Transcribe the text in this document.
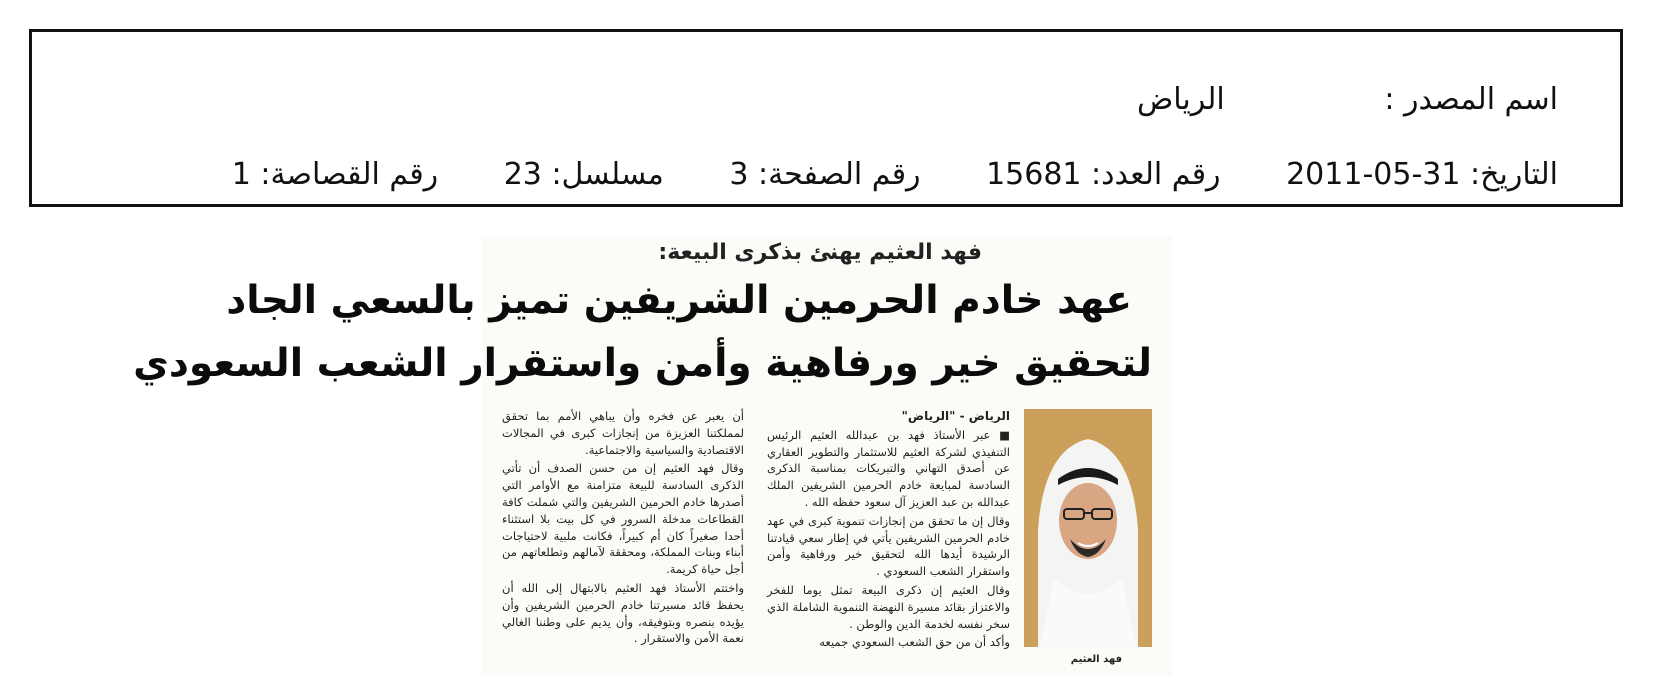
اسم المصدر : الرياض
التاريخ: 31-05-2011 رقم العدد: 15681 رقم الصفحة: 3 مسلسل: 23 رقم القصاصة: 1
فهد العثيم يهنئ بذكرى البيعة:
عهد خادم الحرمين الشريفين تميز بالسعي الجاد
لتحقيق خير ورفاهية وأمن واستقرار الشعب السعودي
فهد العثيم

الرياض - "الرياض"

■ عبر الأستاذ فهد بن عبدالله العثيم الرئيس التنفيذي لشركة العثيم للاستثمار والتطوير العقاري عن أصدق التهاني والتبريكات بمناسبة الذكرى السادسة لمبايعة خادم الحرمين الشريفين الملك عبدالله بن عبد العزيز آل سعود حفظه الله .

وقال إن ما تحقق من إنجازات تنموية كبرى في عهد خادم الحرمين الشريفين يأتي في إطار سعي قيادتنا الرشيدة أيدها الله لتحقيق خير ورفاهية وأمن واستقرار الشعب السعودي .

وقال العثيم إن ذكرى البيعة تمثل يوما للفخر والاعتزاز بقائد مسيرة النهضة التنموية الشاملة الذي سخر نفسه لخدمة الدين والوطن .

وأكد أن من حق الشعب السعودي جميعه

أن يعبر عن فخره وأن يباهي الأمم بما تحقق لمملكتنا العزيزة من إنجازات كبرى في المجالات الاقتصادية والسياسية والاجتماعية.

وقال فهد العثيم إن من حسن الصدف أن تأتي الذكرى السادسة للبيعة متزامنة مع الأوامر التي أصدرها خادم الحرمين الشريفين والتي شملت كافة القطاعات مدخلة السرور في كل بيت بلا استثناء أحدا صغيراً كان أم كبيراً، فكانت ملبية لاحتياجات أبناء وبنات المملكة، ومحققة لآمالهم وتطلعاتهم من أجل حياة كريمة.

واختتم الأستاذ فهد العثيم بالابتهال إلى الله أن يحفظ قائد مسيرتنا خادم الحرمين الشريفين وأن يؤيده بنصره وبتوفيقه، وأن يديم على وطننا الغالي نعمة الأمن والاستقرار .
